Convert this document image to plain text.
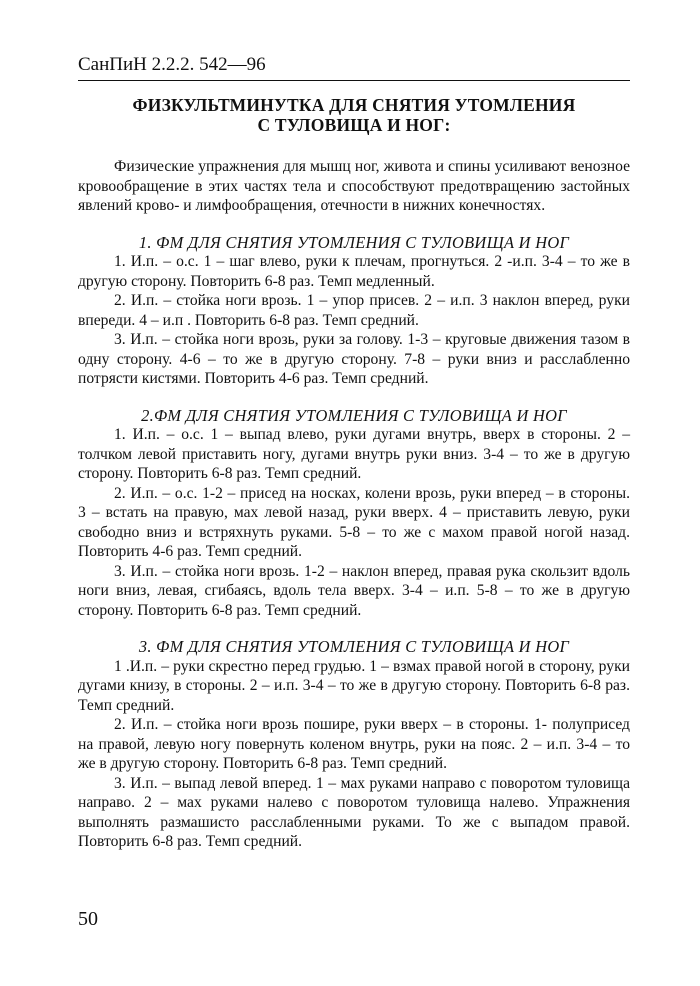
СанПиН 2.2.2. 542—96
ФИЗКУЛЬТМИНУТКА ДЛЯ СНЯТИЯ УТОМЛЕНИЯ
С ТУЛОВИЩА И НОГ:

Физические упражнения для мышц ног, живота и спины усиливают венозное кровообращение в этих частях тела и способствуют предотвращению застойных явлений крово- и лимфообращения, отечности в нижних конечностях.

1. ФМ ДЛЯ СНЯТИЯ УТОМЛЕНИЯ С ТУЛОВИЩА И НОГ

1. И.п. – о.с. 1 – шаг влево, руки к плечам, прогнуться. 2 -и.п. 3-4 – то же в другую сторону. Повторить 6-8 раз. Темп медленный.

2. И.п. – стойка ноги врозь. 1 – упор присев. 2 – и.п. 3 наклон вперед, руки впереди. 4 – и.п . Повторить 6-8 раз. Темп средний.

3. И.п. – стойка ноги врозь, руки за голову. 1-3 – круговые движения тазом в одну сторону. 4-6 – то же в другую сторону. 7-8 – руки вниз и расслабленно потрясти кистями. Повторить 4-6 раз. Темп средний.

2.ФМ ДЛЯ СНЯТИЯ УТОМЛЕНИЯ С ТУЛОВИЩА И НОГ

1. И.п. – о.с. 1 – выпад влево, руки дугами внутрь, вверх в стороны. 2 – толчком левой приставить ногу, дугами внутрь руки вниз. 3-4 – то же в другую сторону. Повторить 6-8 раз. Темп средний.

2. И.п. – о.с. 1-2 – присед на носках, колени врозь, руки вперед – в стороны. 3 – встать на правую, мах левой назад, руки вверх. 4 – приставить левую, руки свободно вниз и встряхнуть руками. 5-8 – то же с махом правой ногой назад. Повторить 4-6 раз. Темп средний.

3. И.п. – стойка ноги врозь. 1-2 – наклон вперед, правая рука скользит вдоль ноги вниз, левая, сгибаясь, вдоль тела вверх. 3-4 – и.п. 5-8 – то же в другую сторону. Повторить 6-8 раз. Темп средний.

3. ФМ ДЛЯ СНЯТИЯ УТОМЛЕНИЯ С ТУЛОВИЩА И НОГ

1 .И.п. – руки скрестно перед грудью. 1 – взмах правой ногой в сторону, руки дугами книзу, в стороны. 2 – и.п. 3-4 – то же в другую сторону. Повторить 6-8 раз. Темп средний.

2. И.п. – стойка ноги врозь пошире, руки вверх – в стороны. 1- полуприсед на правой, левую ногу повернуть коленом внутрь, руки на пояс. 2 – и.п. 3-4 – то же в другую сторону. Повторить 6-8 раз. Темп средний.

3. И.п. – выпад левой вперед. 1 – мах руками направо с поворотом туловища направо. 2 – мах руками налево с поворотом туловища налево. Упражнения выполнять размашисто расслабленными руками. То же с выпадом правой. Повторить 6-8 раз. Темп средний.

50
